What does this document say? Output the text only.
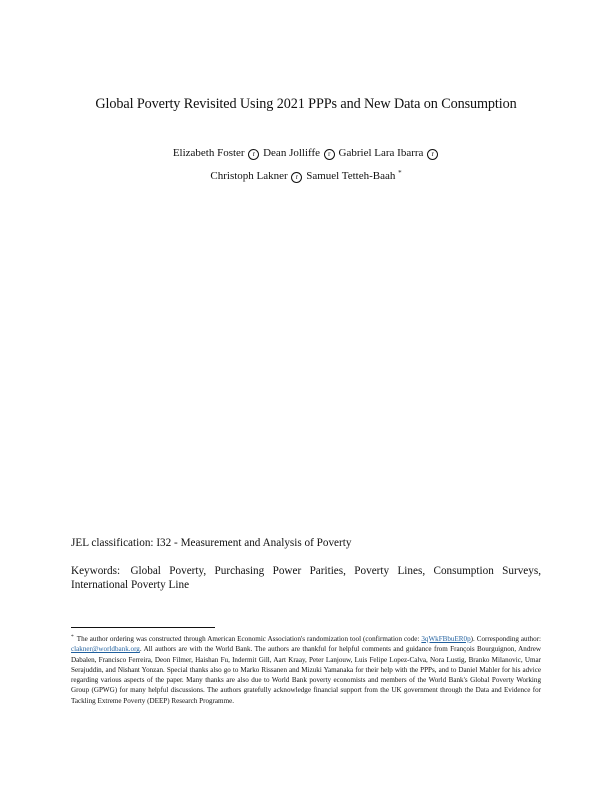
Global Poverty Revisited Using 2021 PPPs and New Data on Consumption
Elizabeth Foster r Dean Jolliffe r Gabriel Lara Ibarra r
Christoph Lakner r Samuel Tetteh-Baah *
JEL classification: I32 - Measurement and Analysis of Poverty
Keywords: Global Poverty, Purchasing Power Parities, Poverty Lines, Consumption Surveys, International Poverty Line
* The author ordering was constructed through American Economic Association's randomization tool (confirmation code: 3qWkFBbuER0p). Corresponding author: clakner@worldbank.org. All authors are with the World Bank. The authors are thankful for helpful comments and guidance from François Bourguignon, Andrew Dabalen, Francisco Ferreira, Deon Filmer, Haishan Fu, Indermit Gill, Aart Kraay, Peter Lanjouw, Luis Felipe Lopez-Calva, Nora Lustig, Branko Milanovic, Umar Serajuddin, and Nishant Yonzan. Special thanks also go to Marko Rissanen and Mizuki Yamanaka for their help with the PPPs, and to Daniel Mahler for his advice regarding various aspects of the paper. Many thanks are also due to World Bank poverty economists and members of the World Bank's Global Poverty Working Group (GPWG) for many helpful discussions. The authors gratefully acknowledge financial support from the UK government through the Data and Evidence for Tackling Extreme Poverty (DEEP) Research Programme.
